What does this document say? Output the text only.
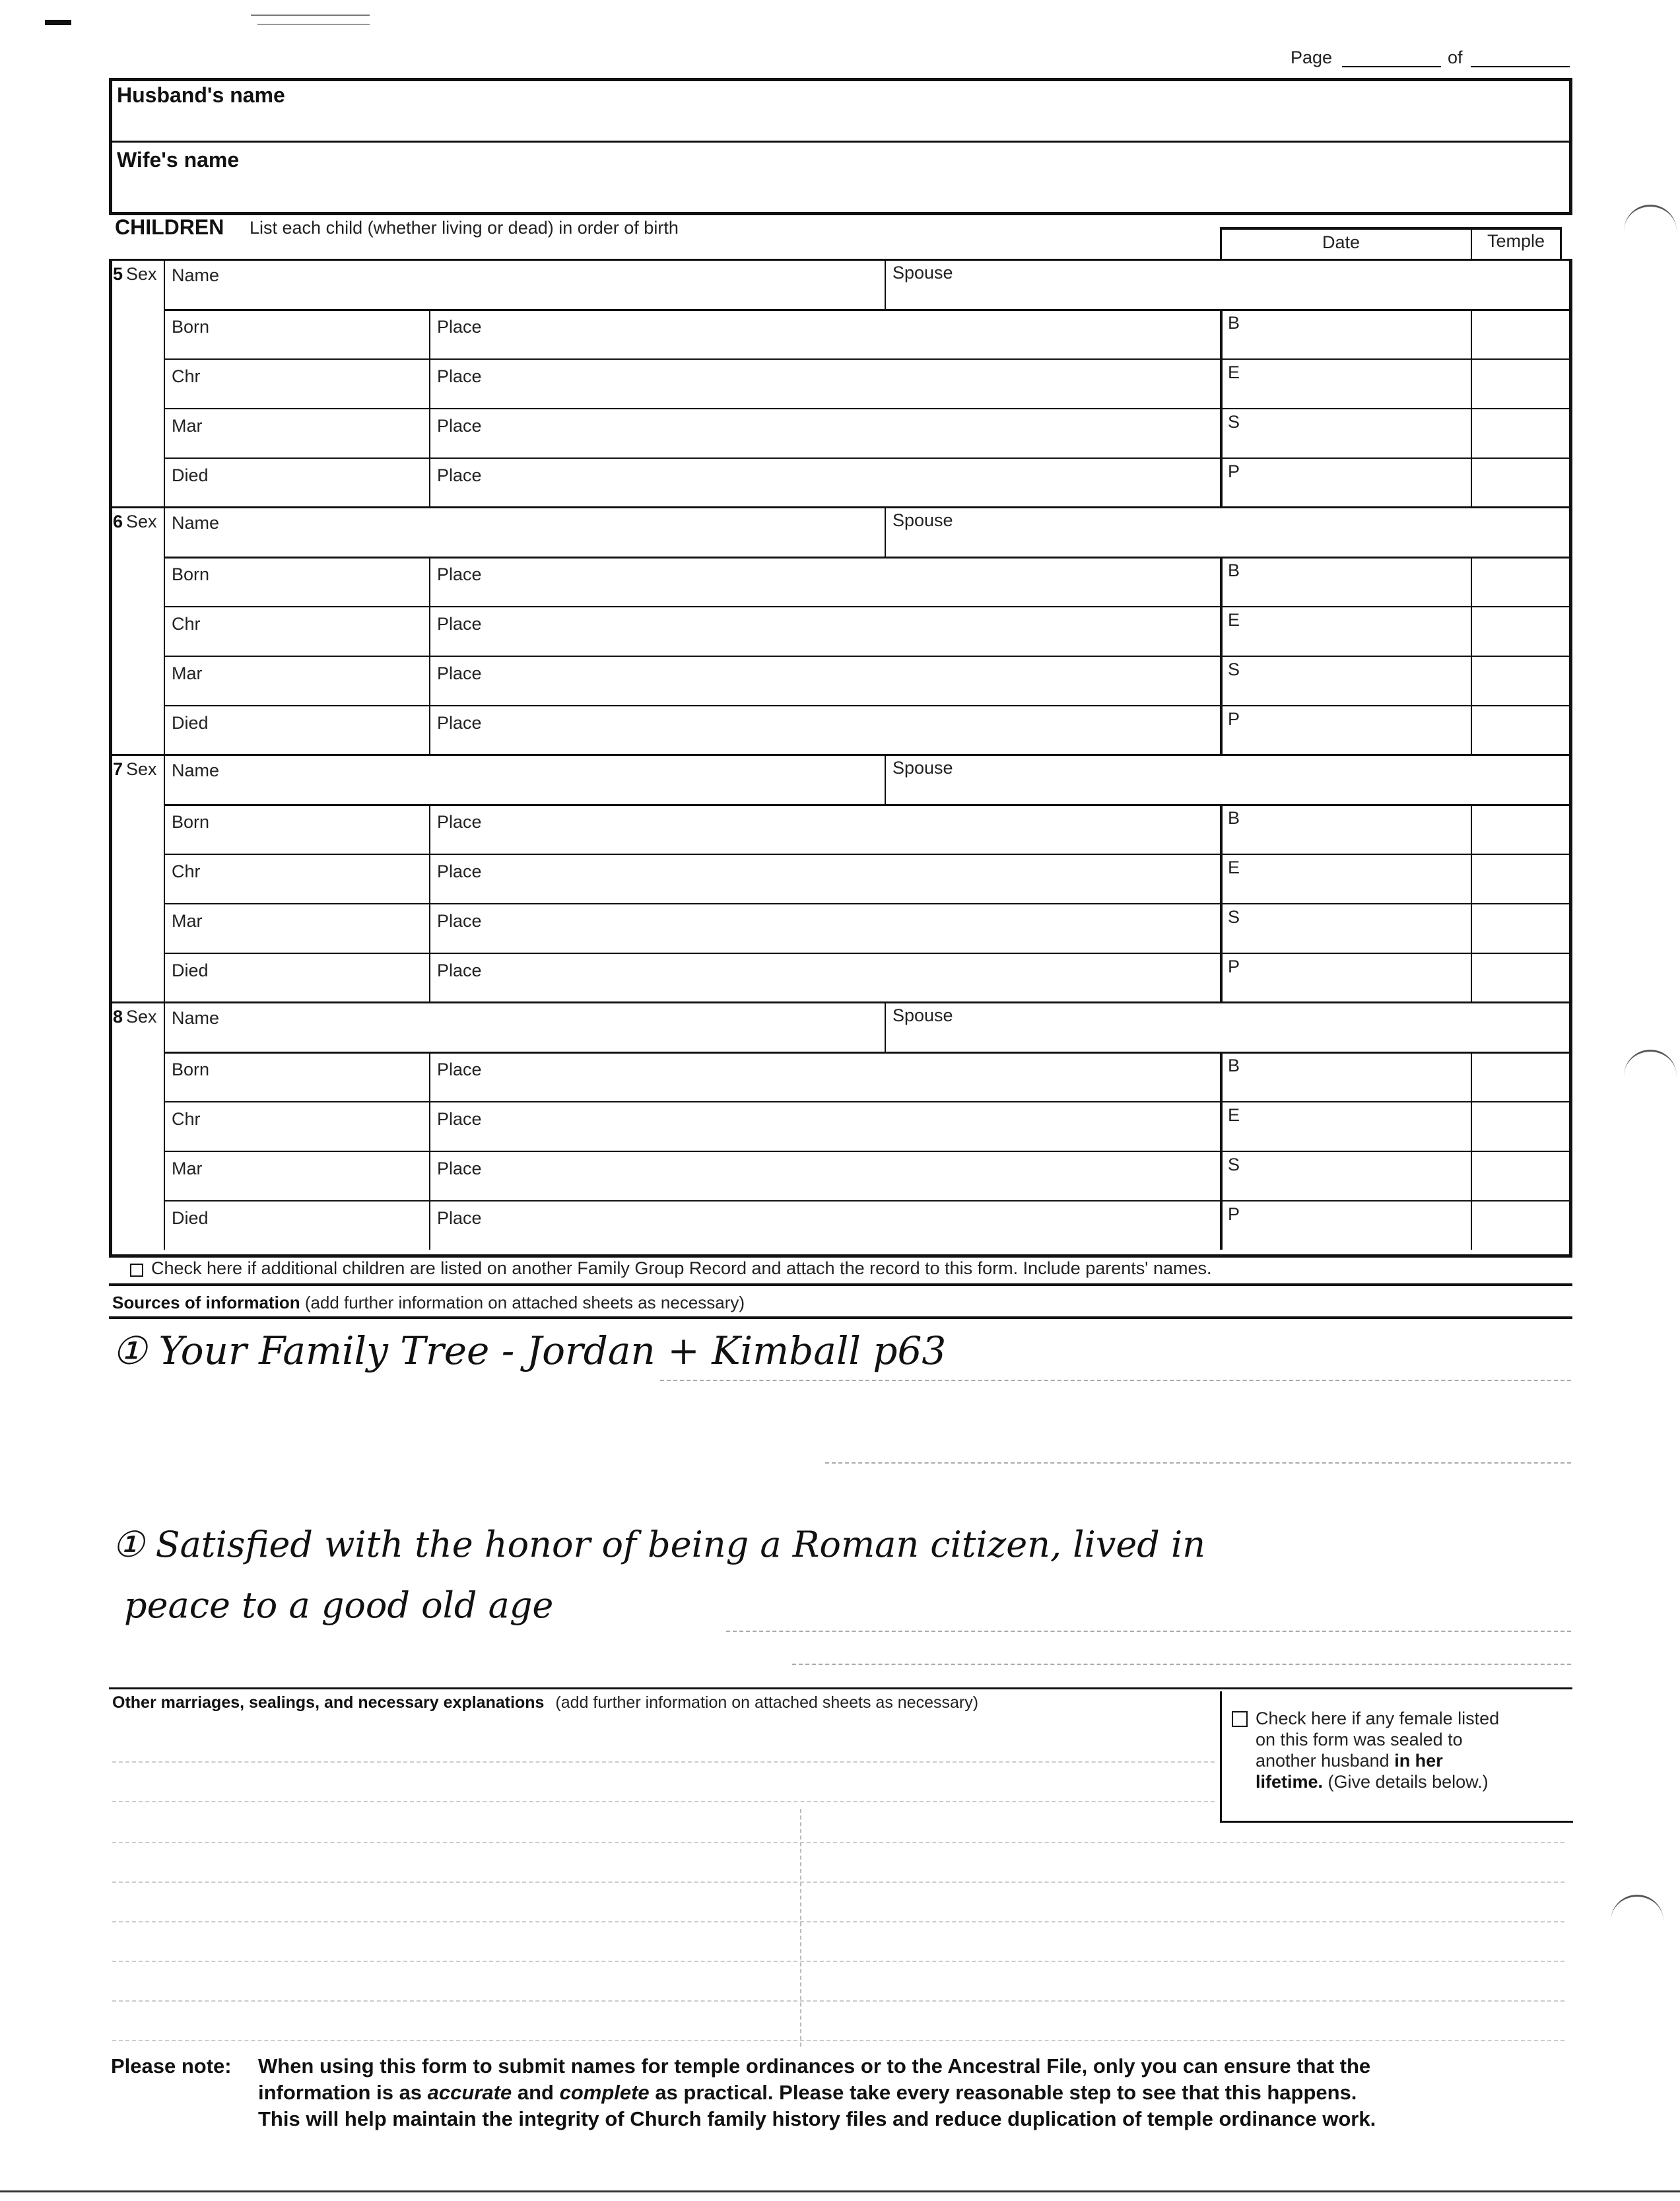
Page	of
Husband's name
Wife's name
CHILDREN List each child (whether living or dead) in order of birth
Date	Temple
5 Sex Name	Spouse
Born	Place	B
Chr	Place	E
Mar	Place	S
Died	Place	P
6 Sex Name	Spouse
Born	Place	B
Chr	Place	E
Mar	Place	S
Died	Place	P
7 Sex Name	Spouse
Born	Place	B
Chr	Place	E
Mar	Place	S
Died	Place	P
8 Sex Name	Spouse
Born	Place	B
Chr	Place	E
Mar	Place	S
Died	Place	P
Check here if additional children are listed on another Family Group Record and attach the record to this form. Include parents' names.
Sources of information (add further information on attached sheets as necessary)
① Your Family Tree - Jordan + Kimball p63
① Satisfied with the honor of being a Roman citizen, lived in
peace to a good old age
Other marriages, sealings, and necessary explanations (add further information on attached sheets as necessary)
Check here if any female listed
on this form was sealed to
another husband in her
lifetime. (Give details below.)
Please note: When using this form to submit names for temple ordinances or to the Ancestral File, only you can ensure that the
information is as accurate and complete as practical. Please take every reasonable step to see that this happens.
This will help maintain the integrity of Church family history files and reduce duplication of temple ordinance work.
